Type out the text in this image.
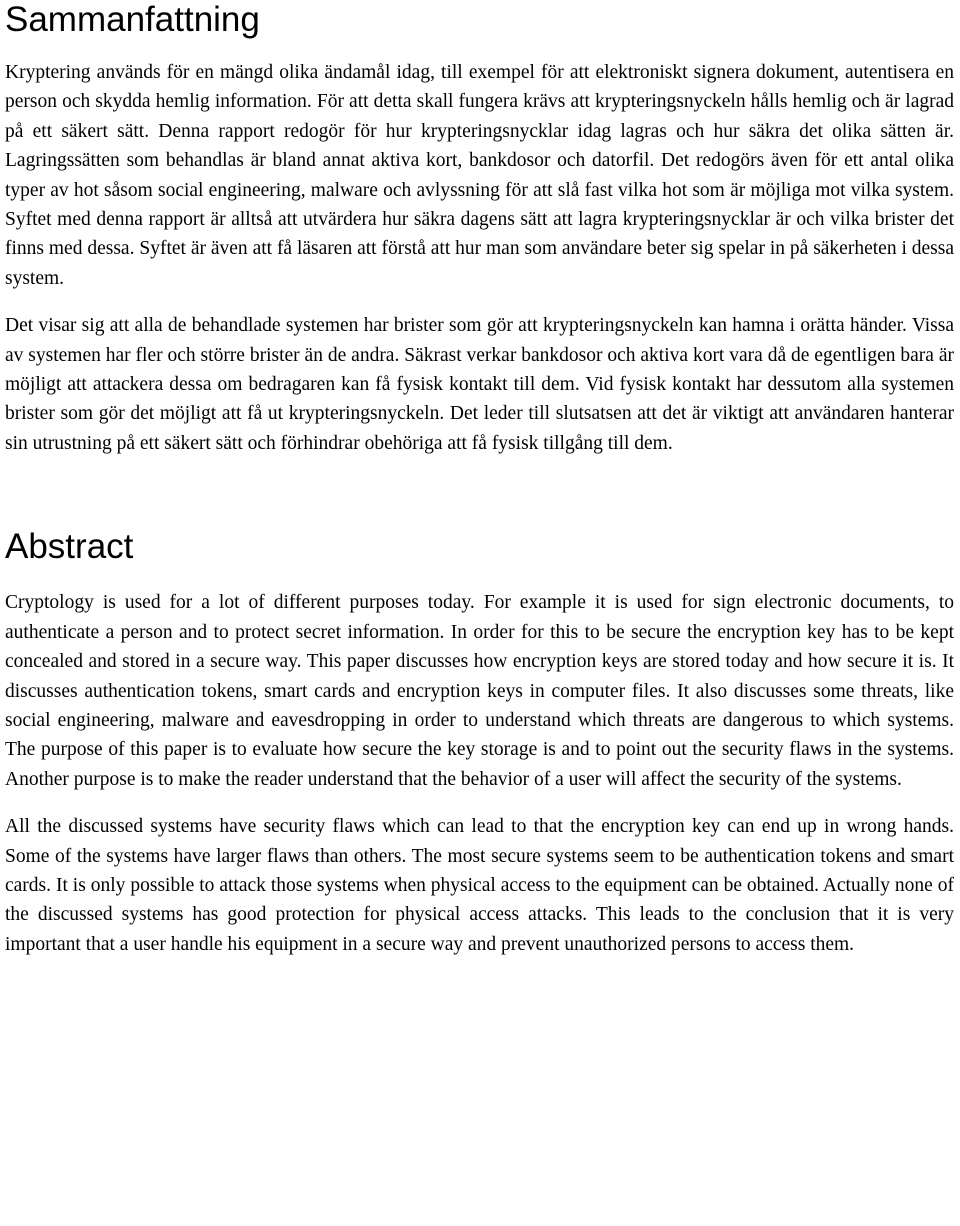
Sammanfattning

Kryptering används för en mängd olika ändamål idag, till exempel för att elektroniskt signera dokument, autentisera en person och skydda hemlig information. För att detta skall fungera krävs att krypteringsnyckeln hålls hemlig och är lagrad på ett säkert sätt. Denna rapport redogör för hur krypteringsnycklar idag lagras och hur säkra det olika sätten är. Lagringssätten som behandlas är bland annat aktiva kort, bankdosor och datorfil. Det redogörs även för ett antal olika typer av hot såsom social engineering, malware och avlyssning för att slå fast vilka hot som är möjliga mot vilka system. Syftet med denna rapport är alltså att utvärdera hur säkra dagens sätt att lagra krypteringsnycklar är och vilka brister det finns med dessa. Syftet är även att få läsaren att förstå att hur man som användare beter sig spelar in på säkerheten i dessa system.

Det visar sig att alla de behandlade systemen har brister som gör att krypteringsnyckeln kan hamna i orätta händer. Vissa av systemen har fler och större brister än de andra. Säkrast verkar bankdosor och aktiva kort vara då de egentligen bara är möjligt att attackera dessa om bedragaren kan få fysisk kontakt till dem. Vid fysisk kontakt har dessutom alla systemen brister som gör det möjligt att få ut krypteringsnyckeln. Det leder till slutsatsen att det är viktigt att användaren hanterar sin utrustning på ett säkert sätt och förhindrar obehöriga att få fysisk tillgång till dem.

Abstract

Cryptology is used for a lot of different purposes today. For example it is used for sign electronic documents, to authenticate a person and to protect secret information. In order for this to be secure the encryption key has to be kept concealed and stored in a secure way. This paper discusses how encryption keys are stored today and how secure it is. It discusses authentication tokens, smart cards and encryption keys in computer files. It also discusses some threats, like social engineering, malware and eavesdropping in order to understand which threats are dangerous to which systems. The purpose of this paper is to evaluate how secure the key storage is and to point out the security flaws in the systems. Another purpose is to make the reader understand that the behavior of a user will affect the security of the systems.

All the discussed systems have security flaws which can lead to that the encryption key can end up in wrong hands. Some of the systems have larger flaws than others. The most secure systems seem to be authentication tokens and smart cards. It is only possible to attack those systems when physical access to the equipment can be obtained. Actually none of the discussed systems has good protection for physical access attacks. This leads to the conclusion that it is very important that a user handle his equipment in a secure way and prevent unauthorized persons to access them.
